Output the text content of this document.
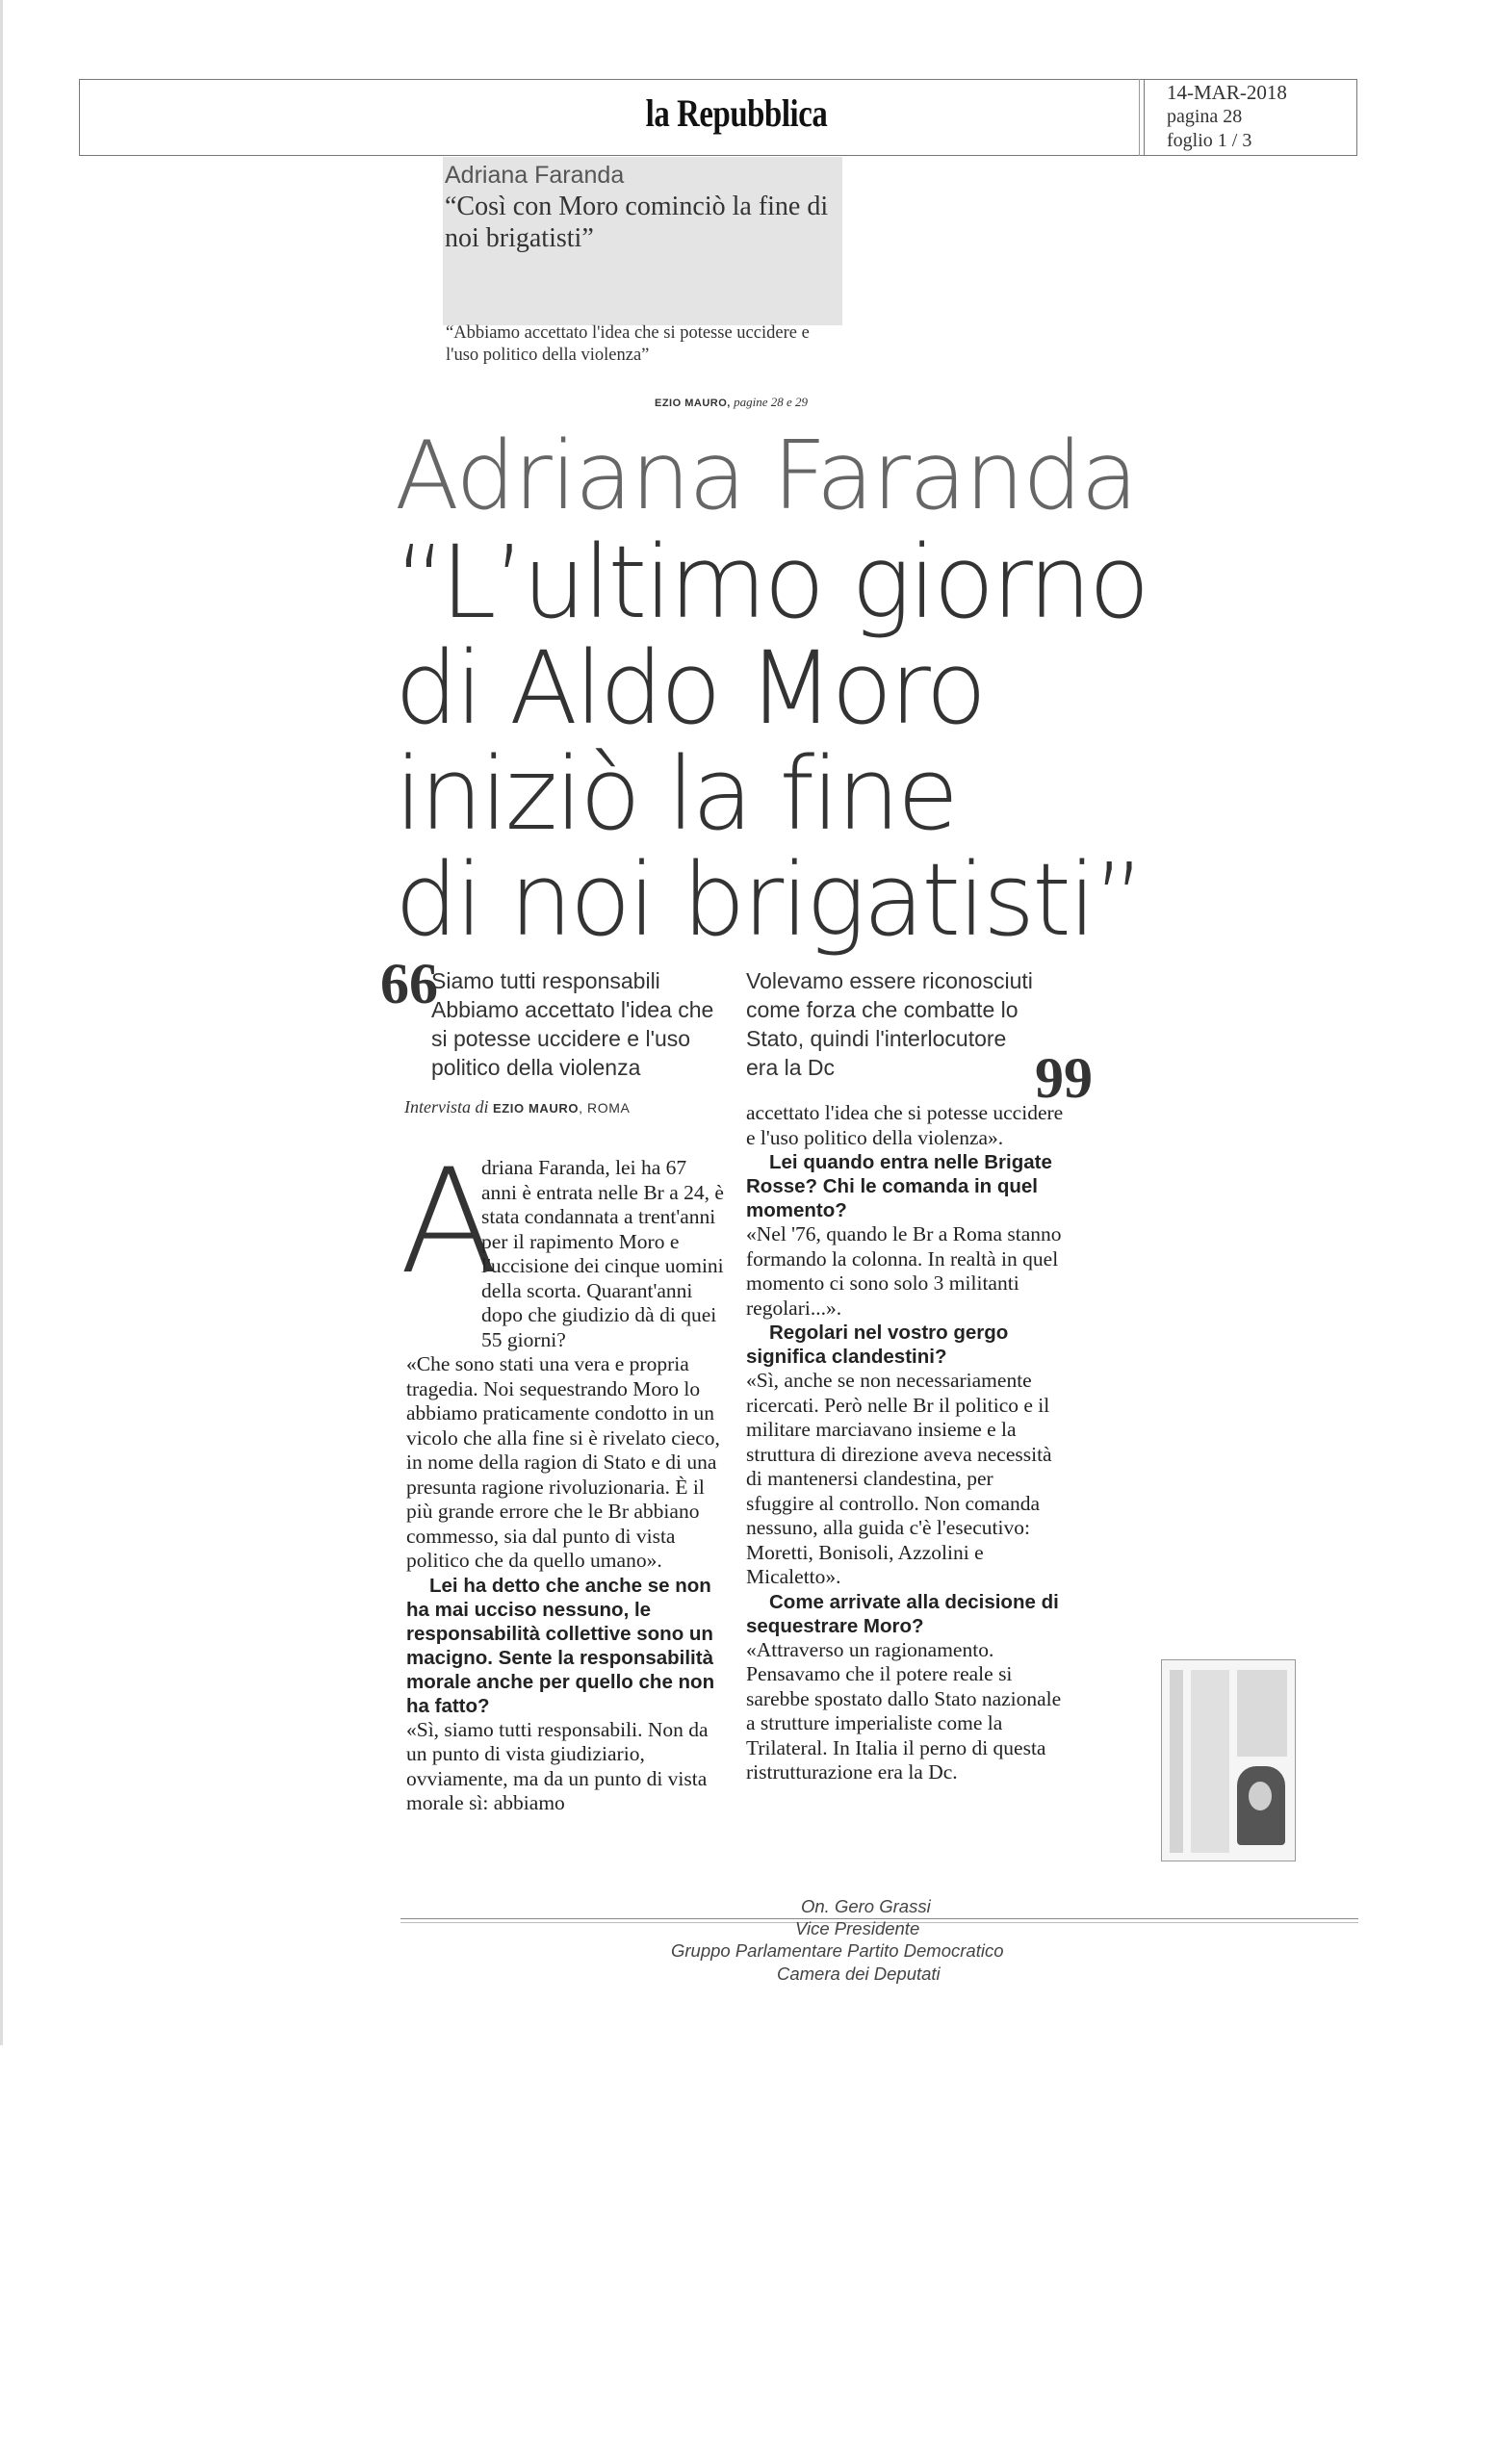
la Repubblica	14-MAR-2018
pagina 28
foglio 1 / 3
Adriana Faranda
“Così con Moro cominciò la fine di noi brigatisti”
“Abbiamo accettato l'idea che si potesse uccidere e l'uso politico della violenza”
EZIO MAURO, pagine 28 e 29
Adriana Faranda
“L’ultimo giorno
di Aldo Moro
iniziò la fine
di noi brigatisti”
66
Siamo tutti responsabili Abbiamo accettato l'idea che si potesse uccidere e l'uso politico della violenza
Volevamo essere riconosciuti come forza che combatte lo Stato, quindi l'interlocutore era la Dc	99
Intervista di EZIO MAURO, ROMA
A

driana Faranda, lei ha 67 anni è entrata nelle Br a 24, è stata condannata a trent'anni per il rapimento Moro e l'uccisione dei cinque uomini della scorta. Quarant'anni dopo che giudizio dà di quei 55 giorni?

«Che sono stati una vera e propria tragedia. Noi sequestrando Moro lo abbiamo praticamente condotto in un vicolo che alla fine si è rivelato cieco, in nome della ragion di Stato e di una presunta ragione rivoluzionaria. È il più grande errore che le Br abbiano commesso, sia dal punto di vista politico che da quello umano».

Lei ha detto che anche se non ha mai ucciso nessuno, le responsabilità collettive sono un macigno. Sente la responsabilità morale anche per quello che non ha fatto?

«Sì, siamo tutti responsabili. Non da un punto di vista giudiziario, ovviamente, ma da un punto di vista morale sì: abbiamo

accettato l'idea che si potesse uccidere e l'uso politico della violenza».

Lei quando entra nelle Brigate Rosse? Chi le comanda in quel momento?

«Nel '76, quando le Br a Roma stanno formando la colonna. In realtà in quel momento ci sono solo 3 militanti regolari...».

Regolari nel vostro gergo significa clandestini?

«Sì, anche se non necessariamente ricercati. Però nelle Br il politico e il militare marciavano insieme e la struttura di direzione aveva necessità di mantenersi clandestina, per sfuggire al controllo. Non comanda nessuno, alla guida c'è l'esecutivo: Moretti, Bonisoli, Azzolini e Micaletto».

Come arrivate alla decisione di sequestrare Moro?

«Attraverso un ragionamento. Pensavamo che il potere reale si sarebbe spostato dallo Stato nazionale a strutture imperialiste come la Trilateral. In Italia il perno di questa ristrutturazione era la Dc.

On. Gero Grassi
Vice Presidente
Gruppo Parlamentare Partito Democratico
Camera dei Deputati
